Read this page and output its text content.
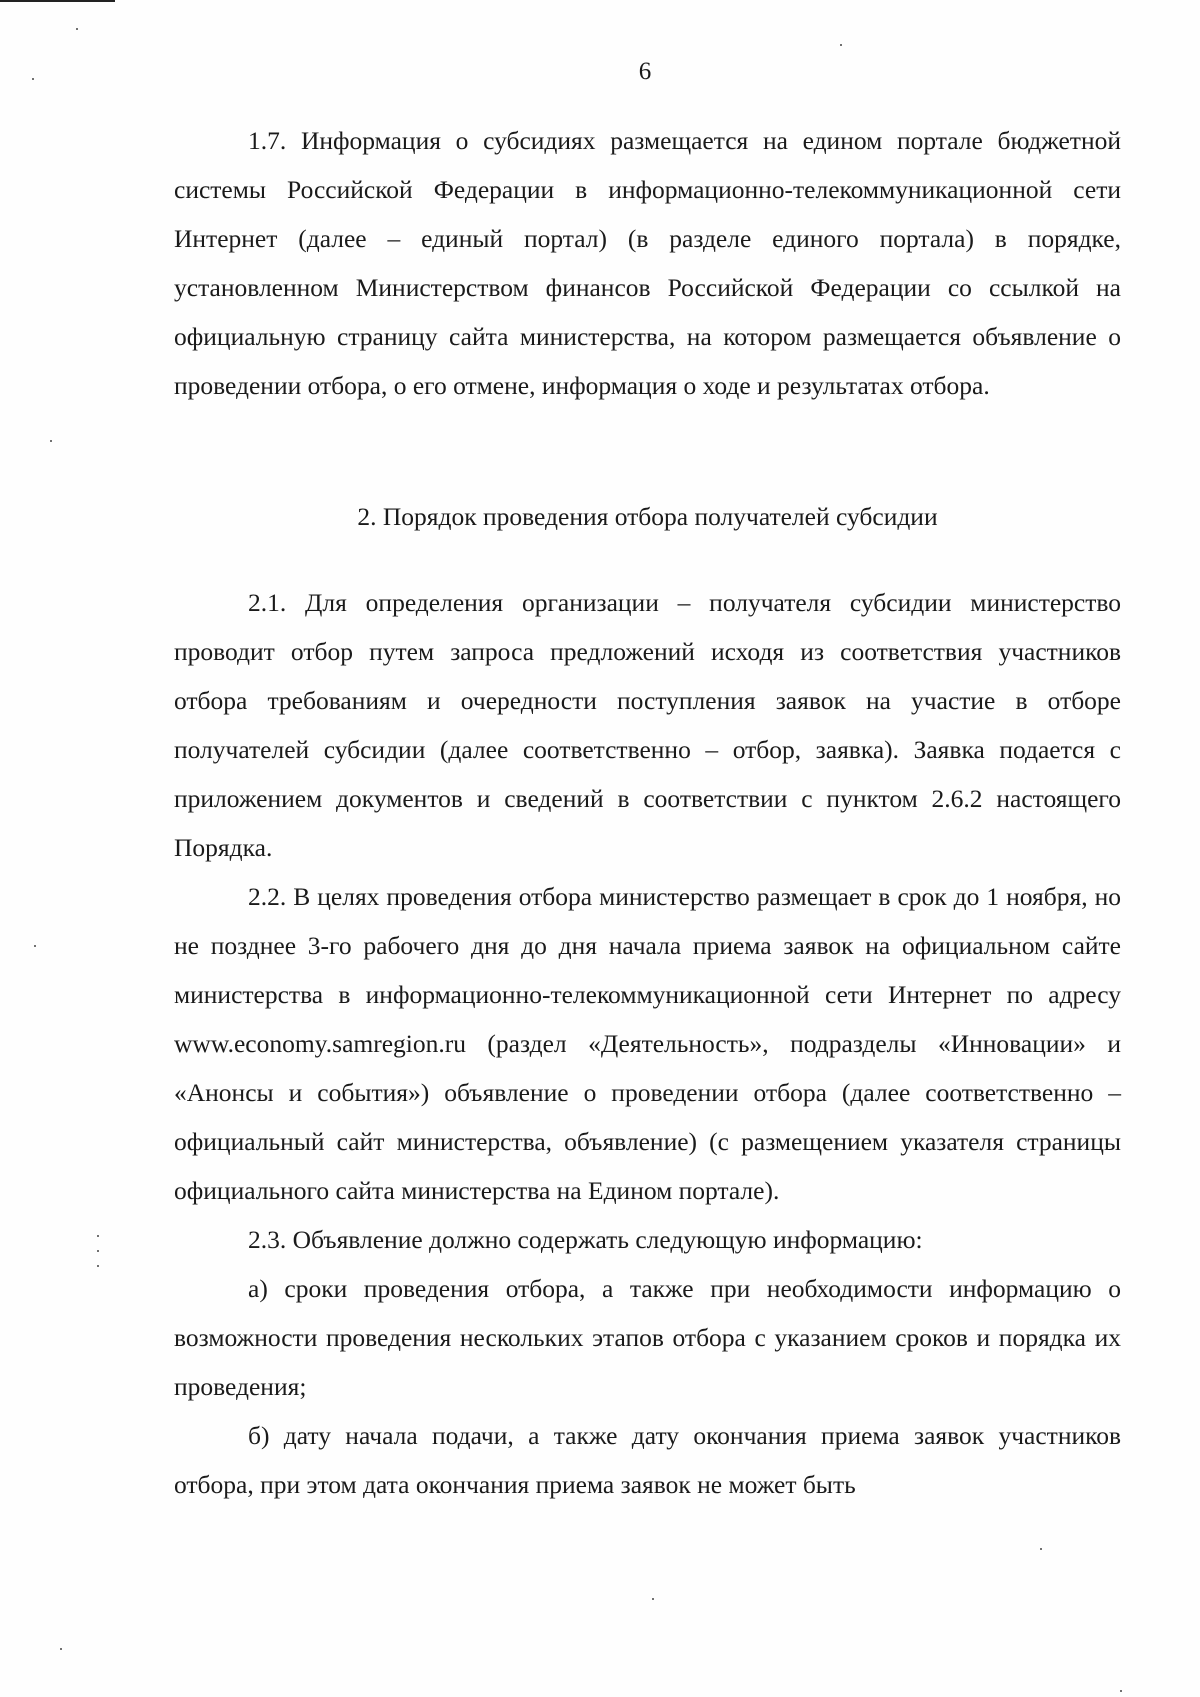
6

1.7. Информация о субсидиях размещается на едином портале бюджетной системы Российской Федерации в информационно-телекоммуникационной сети Интернет (далее – единый портал) (в разделе единого портала) в порядке, установленном Министерством финансов Российской Федерации со ссылкой на официальную страницу сайта министерства, на котором размещается объявление о проведении отбора, о его отмене, информация о ходе и результатах отбора.

2. Порядок проведения отбора получателей субсидии

2.1. Для определения организации – получателя субсидии министерство проводит отбор путем запроса предложений исходя из соответствия участников отбора требованиям и очередности поступления заявок на участие в отборе получателей субсидии (далее соответственно – отбор, заявка). Заявка подается с приложением документов и сведений в соответствии с пунктом 2.6.2 настоящего Порядка.

2.2. В целях проведения отбора министерство размещает в срок до 1 ноября, но не позднее 3-го рабочего дня до дня начала приема заявок на официальном сайте министерства в информационно-телекоммуникационной сети Интернет по адресу www.economy.samregion.ru (раздел «Деятельность», подразделы «Инновации» и «Анонсы и события») объявление о проведении отбора (далее соответственно – официальный сайт министерства, объявление) (с размещением указателя страницы официального сайта министерства на Едином портале).

2.3. Объявление должно содержать следующую информацию:

а) сроки проведения отбора, а также при необходимости информацию о возможности проведения нескольких этапов отбора с указанием сроков и порядка их проведения;

б) дату начала подачи, а также дату окончания приема заявок участников отбора, при этом дата окончания приема заявок не может быть
